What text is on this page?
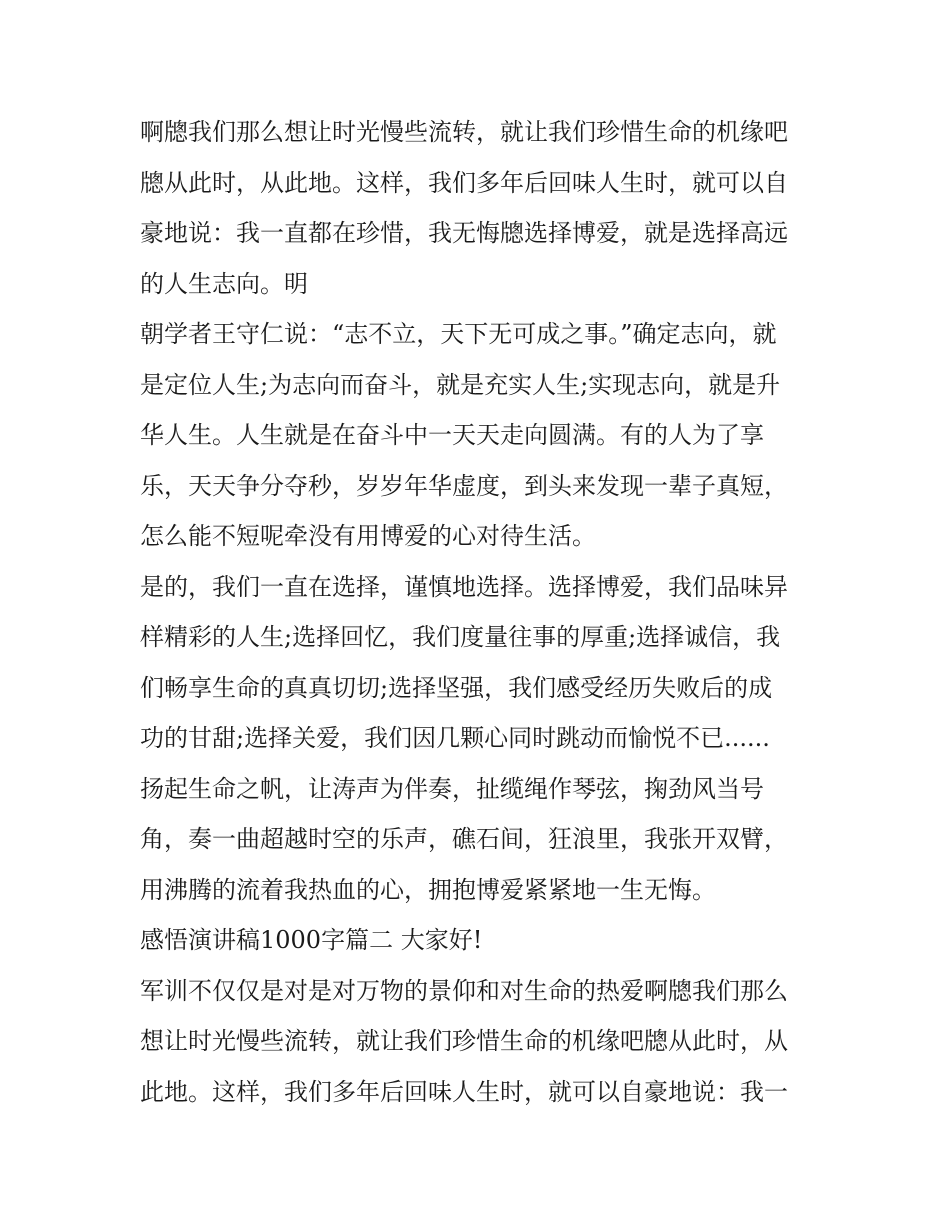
啊牕我们那么想让时光慢些流转，就让我们珍惜生命的机缘吧
牕从此时，从此地。这样，我们多年后回味人生时，就可以自
豪地说：我一直都在珍惜，我无悔牕选择博爱，就是选择高远
的人生志向。明
朝学者王守仁说：“志不立，天下无可成之事。”确定志向，就
是定位人生;为志向而奋斗，就是充实人生;实现志向，就是升
华人生。人生就是在奋斗中一天天走向圆满。有的人为了享
乐，天天争分夺秒，岁岁年华虚度，到头来发现一辈子真短，
怎么能不短呢牵没有用博爱的心对待生活。
是的，我们一直在选择，谨慎地选择。选择博爱，我们品味异
样精彩的人生;选择回忆，我们度量往事的厚重;选择诚信，我
们畅享生命的真真切切;选择坚强，我们感受经历失败后的成
功的甘甜;选择关爱，我们因几颗心同时跳动而愉悦不已......
扬起生命之帆，让涛声为伴奏，扯缆绳作琴弦，掬劲风当号
角，奏一曲超越时空的乐声，礁石间，狂浪里，我张开双臂，
用沸腾的流着我热血的心，拥抱博爱紧紧地一生无悔。
感悟演讲稿1000字篇二 大家好!
军训不仅仅是对是对万物的景仰和对生命的热爱啊牕我们那么
想让时光慢些流转，就让我们珍惜生命的机缘吧牕从此时，从
此地。这样，我们多年后回味人生时，就可以自豪地说：我一
